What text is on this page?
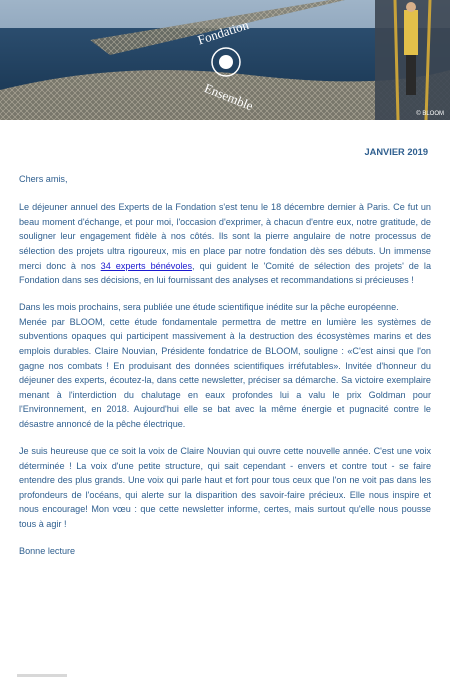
Fondation
Ensemble
© BLOOM
JANVIER 2019

Chers amis,

Le déjeuner annuel des Experts de la Fondation s'est tenu le 18 décembre dernier à Paris. Ce fut un beau moment d'échange, et pour moi, l'occasion d'exprimer, à chacun d'entre eux, notre gratitude, de souligner leur engagement fidèle à nos côtés. Ils sont la pierre angulaire de notre processus de sélection des projets ultra rigoureux, mis en place par notre fondation dès ses débuts. Un immense merci donc à nos 34 experts bénévoles, qui guident le 'Comité de sélection des projets' de la Fondation dans ses décisions, en lui fournissant des analyses et recommandations si précieuses !

Dans les mois prochains, sera publiée une étude scientifique inédite sur la pêche européenne.

Menée par BLOOM, cette étude fondamentale permettra de mettre en lumière les systèmes de subventions opaques qui participent massivement à la destruction des écosystèmes marins et des emplois durables. Claire Nouvian, Présidente fondatrice de BLOOM, souligne : «C'est ainsi que l'on gagne nos combats ! En produisant des données scientifiques irréfutables». Invitée d'honneur du déjeuner des experts, écoutez-la, dans cette newsletter, préciser sa démarche. Sa victoire exemplaire menant à l'interdiction du chalutage en eaux profondes lui a valu le prix Goldman pour l'Environnement, en 2018. Aujourd'hui elle se bat avec la même énergie et pugnacité contre le désastre annoncé de la pêche électrique.

Je suis heureuse que ce soit la voix de Claire Nouvian qui ouvre cette nouvelle année. C'est une voix déterminée ! La voix d'une petite structure, qui sait cependant - envers et contre tout - se faire entendre des plus grands. Une voix qui parle haut et fort pour tous ceux que l'on ne voit pas dans les profondeurs de l'océans, qui alerte sur la disparition des savoir-faire précieux. Elle nous inspire et nous encourage! Mon vœu : que cette newsletter informe, certes, mais surtout qu'elle nous pousse tous à agir !

Bonne lecture
